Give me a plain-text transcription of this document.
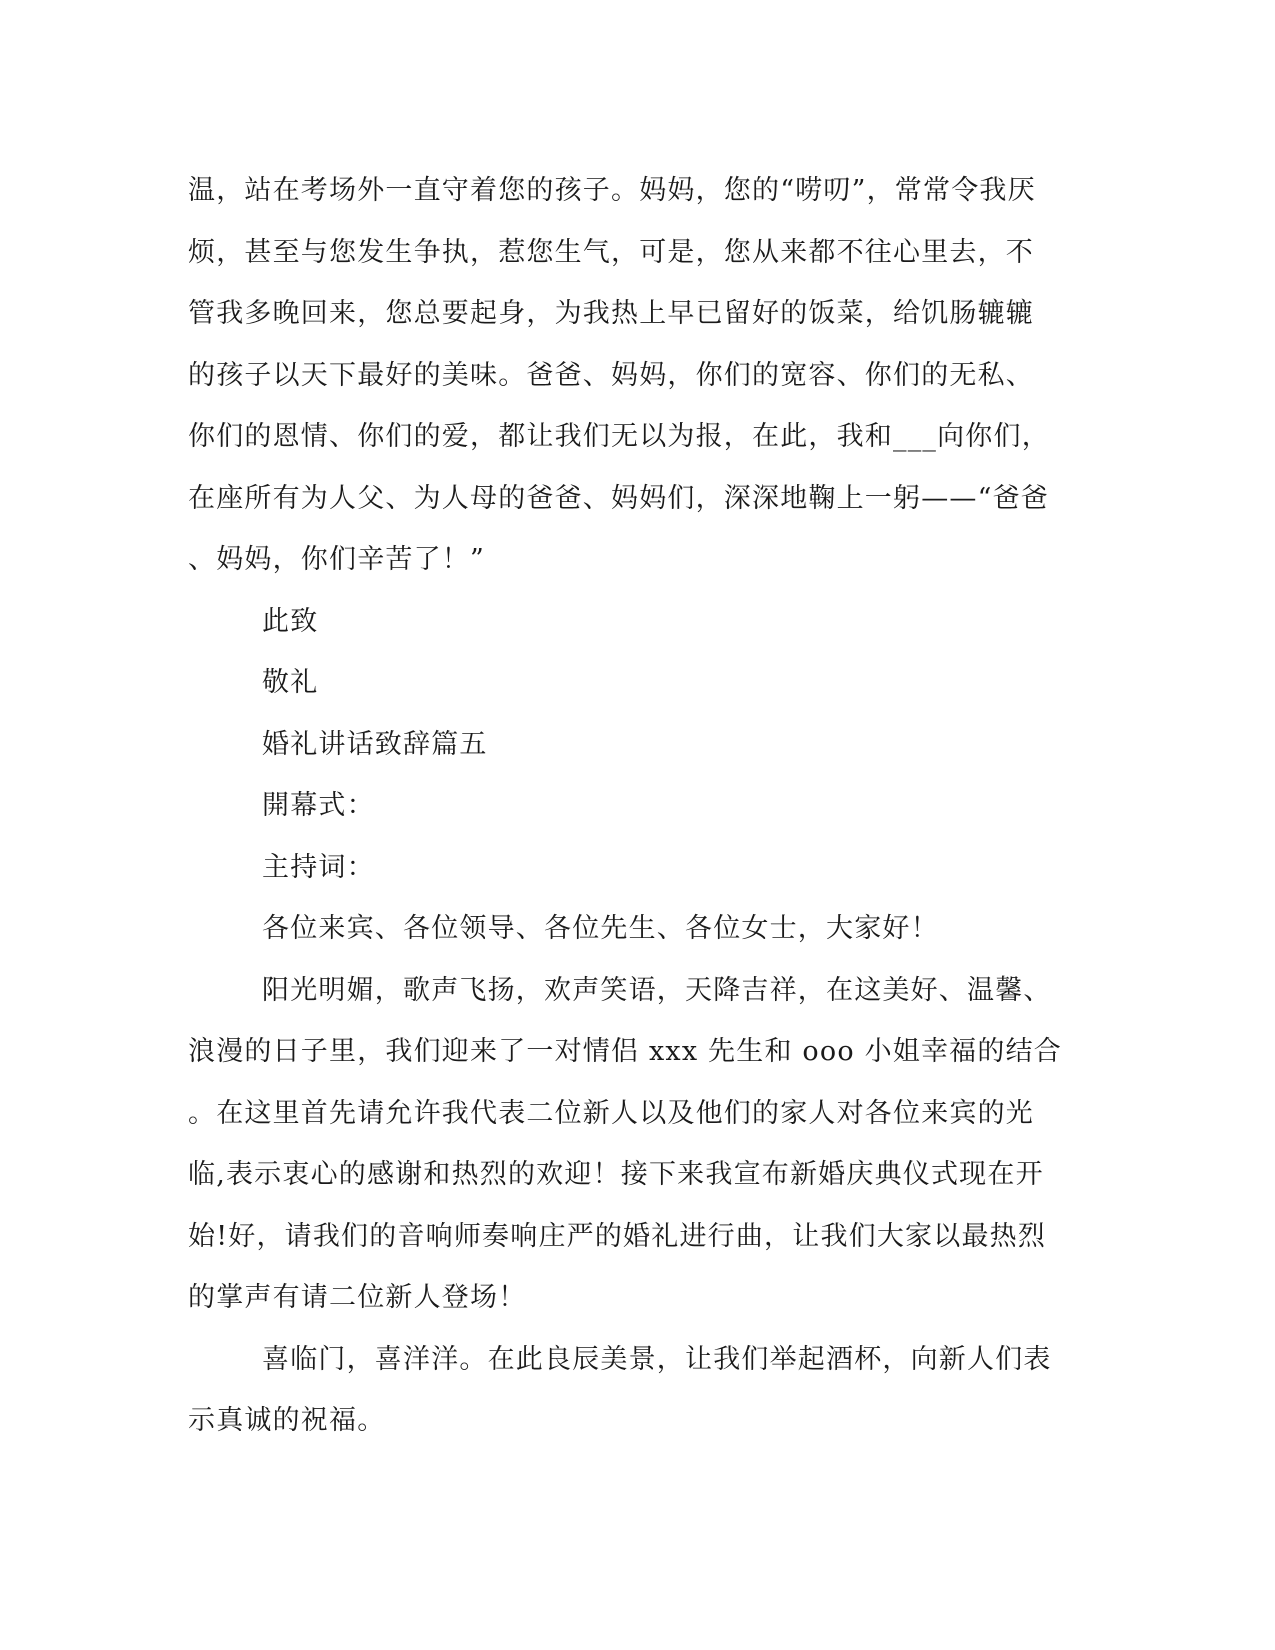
温，站在考场外一直守着您的孩子。妈妈，您的“唠叨”，常常令我厌
烦，甚至与您发生争执，惹您生气，可是，您从来都不往心里去，不
管我多晚回来，您总要起身，为我热上早已留好的饭菜，给饥肠辘辘
的孩子以天下最好的美味。爸爸、妈妈，你们的宽容、你们的无私、
你们的恩情、你们的爱，都让我们无以为报，在此，我和___向你们，
在座所有为人父、为人母的爸爸、妈妈们，深深地鞠上一躬——“爸爸
、妈妈，你们辛苦了！”
此致
敬礼
婚礼讲话致辞篇五
開幕式：
主持词：
各位来宾、各位领导、各位先生、各位女士，大家好！
阳光明媚，歌声飞扬，欢声笑语，天降吉祥，在这美好、温馨、
浪漫的日子里，我们迎来了一对情侣 xxx 先生和 ooo 小姐幸福的结合
。在这里首先请允许我代表二位新人以及他们的家人对各位来宾的光
临,表示衷心的感谢和热烈的欢迎！接下来我宣布新婚庆典仪式现在开
始!好，请我们的音响师奏响庄严的婚礼进行曲，让我们大家以最热烈
的掌声有请二位新人登场！
喜临门，喜洋洋。在此良辰美景，让我们举起酒杯，向新人们表
示真诚的祝福。
